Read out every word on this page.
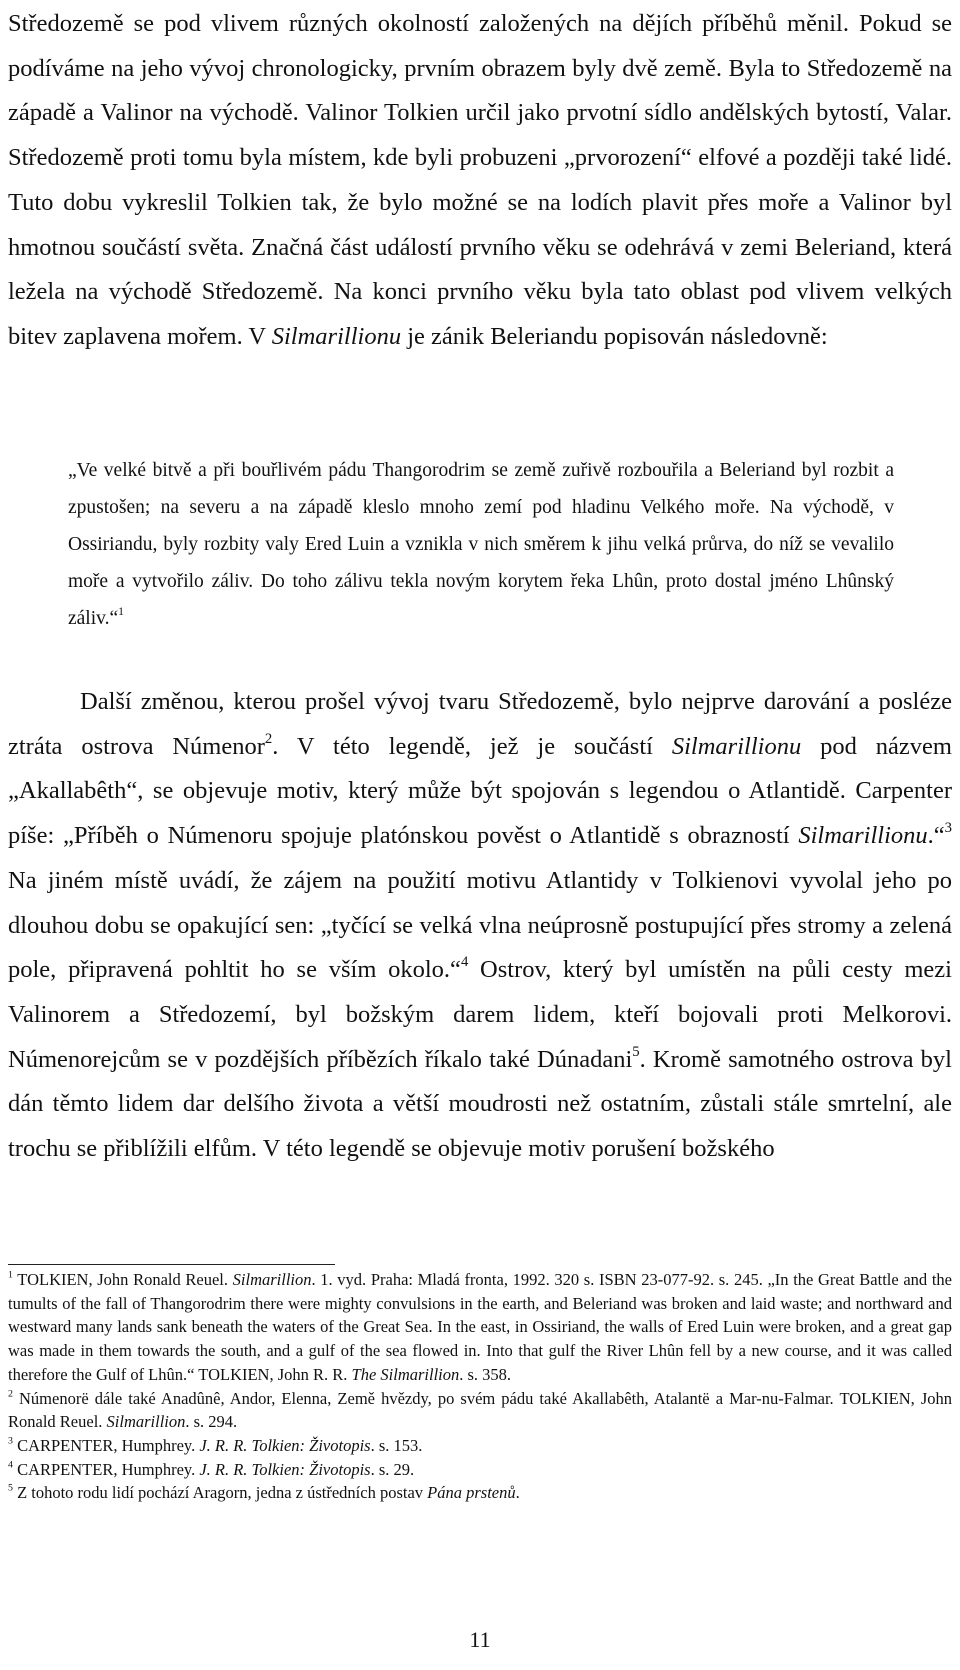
Středozemě se pod vlivem různých okolností založených na dějích příběhů měnil. Pokud se podíváme na jeho vývoj chronologicky, prvním obrazem byly dvě země. Byla to Středozemě na západě a Valinor na východě. Valinor Tolkien určil jako prvotní sídlo andělských bytostí, Valar. Středozemě proti tomu byla místem, kde byli probuzeni „prvorození“ elfové a později také lidé. Tuto dobu vykreslil Tolkien tak, že bylo možné se na lodích plavit přes moře a Valinor byl hmotnou součástí světa. Značná část událostí prvního věku se odehrává v zemi Beleriand, která ležela na východě Středozemě. Na konci prvního věku byla tato oblast pod vlivem velkých bitev zaplavena mořem. V Silmarillionu je zánik Beleriandu popisován následovně:

„Ve velké bitvě a při bouřlivém pádu Thangorodrim se země zuřivě rozbouřila a Beleriand byl rozbit a zpustošen; na severu a na západě kleslo mnoho zemí pod hladinu Velkého moře. Na východě, v Ossiriandu, byly rozbity valy Ered Luin a vznikla v nich směrem k jihu velká průrva, do níž se vevalilo moře a vytvořilo záliv. Do toho zálivu tekla novým korytem řeka Lhûn, proto dostal jméno Lhûnský záliv.“$^1$

Další změnou, kterou prošel vývoj tvaru Středozemě, bylo nejprve darování a posléze ztráta ostrova Númenor$^2$. V této legendě, jež je součástí Silmarillionu pod názvem „Akallabêth“, se objevuje motiv, který může být spojován s legendou o Atlantidě. Carpenter píše: „Příběh o Númenoru spojuje platónskou pověst o Atlantidě s obrazností Silmarillionu.“$^3$ Na jiném místě uvádí, že zájem na použití motivu Atlantidy v Tolkienovi vyvolal jeho po dlouhou dobu se opakující sen: „tyčící se velká vlna neúprosně postupující přes stromy a zelená pole, připravená pohltit ho se vším okolo.“$^4$ Ostrov, který byl umístěn na půli cesty mezi Valinorem a Středozemí, byl božským darem lidem, kteří bojovali proti Melkorovi. Númenorejcům se v pozdějších příbězích říkalo také Dúnadani$^5$. Kromě samotného ostrova byl dán těmto lidem dar delšího života a větší moudrosti než ostatním, zůstali stále smrtelní, ale trochu se přiblížili elfům. V této legendě se objevuje motiv porušení božského

$^1$ TOLKIEN, John Ronald Reuel. Silmarillion. 1. vyd. Praha: Mladá fronta, 1992. 320 s. ISBN 23-077-92. s. 245. „In the Great Battle and the tumults of the fall of Thangorodrim there were mighty convulsions in the earth, and Beleriand was broken and laid waste; and northward and westward many lands sank beneath the waters of the Great Sea. In the east, in Ossiriand, the walls of Ered Luin were broken, and a great gap was made in them towards the south, and a gulf of the sea flowed in. Into that gulf the River Lhûn fell by a new course, and it was called therefore the Gulf of Lhûn.“ TOLKIEN, John R. R. The Silmarillion. s. 358.

$^2$ Númenorë dále také Anadûnê, Andor, Elenna, Země hvězdy, po svém pádu také Akallabêth, Atalantë a Mar-nu-Falmar. TOLKIEN, John Ronald Reuel. Silmarillion. s. 294.

$^3$ CARPENTER, Humphrey. J. R. R. Tolkien: Životopis. s. 153.

$^4$ CARPENTER, Humphrey. J. R. R. Tolkien: Životopis. s. 29.

$^5$ Z tohoto rodu lidí pochází Aragorn, jedna z ústředních postav Pána prstenů.

11
